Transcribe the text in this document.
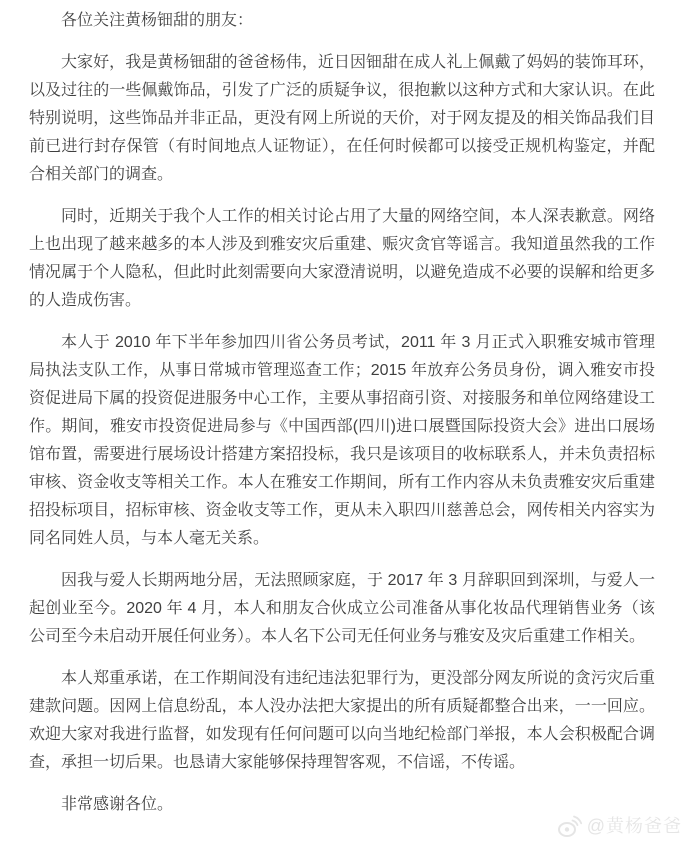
各位关注黄杨钿甜的朋友：

大家好，我是黄杨钿甜的爸爸杨伟，近日因钿甜在成人礼上佩戴了妈妈的装饰耳环，以及过往的一些佩戴饰品，引发了广泛的质疑争议，很抱歉以这种方式和大家认识。在此特别说明，这些饰品并非正品，更没有网上所说的天价，对于网友提及的相关饰品我们目前已进行封存保管（有时间地点人证物证），在任何时候都可以接受正规机构鉴定，并配合相关部门的调查。

同时，近期关于我个人工作的相关讨论占用了大量的网络空间，本人深表歉意。网络上也出现了越来越多的本人涉及到雅安灾后重建、赈灾贪官等谣言。我知道虽然我的工作情况属于个人隐私，但此时此刻需要向大家澄清说明，以避免造成不必要的误解和给更多的人造成伤害。

本人于 2010 年下半年参加四川省公务员考试，2011 年 3 月正式入职雅安城市管理局执法支队工作，从事日常城市管理巡查工作；2015 年放弃公务员身份，调入雅安市投资促进局下属的投资促进服务中心工作，主要从事招商引资、对接服务和单位网络建设工作。期间，雅安市投资促进局参与《中国西部(四川)进口展暨国际投资大会》进出口展场馆布置，需要进行展场设计搭建方案招投标，我只是该项目的收标联系人，并未负责招标审核、资金收支等相关工作。本人在雅安工作期间，所有工作内容从未负责雅安灾后重建招投标项目，招标审核、资金收支等工作，更从未入职四川慈善总会，网传相关内容实为同名同姓人员，与本人毫无关系。

因我与爱人长期两地分居，无法照顾家庭，于 2017 年 3 月辞职回到深圳，与爱人一起创业至今。2020 年 4 月，本人和朋友合伙成立公司准备从事化妆品代理销售业务（该公司至今未启动开展任何业务）。本人名下公司无任何业务与雅安及灾后重建工作相关。

本人郑重承诺，在工作期间没有违纪违法犯罪行为，更没部分网友所说的贪污灾后重建款问题。因网上信息纷乱，本人没办法把大家提出的所有质疑都整合出来，一一回应。欢迎大家对我进行监督，如发现有任何问题可以向当地纪检部门举报，本人会积极配合调查，承担一切后果。也恳请大家能够保持理智客观，不信谣，不传谣。

非常感谢各位。

@黄杨爸爸
